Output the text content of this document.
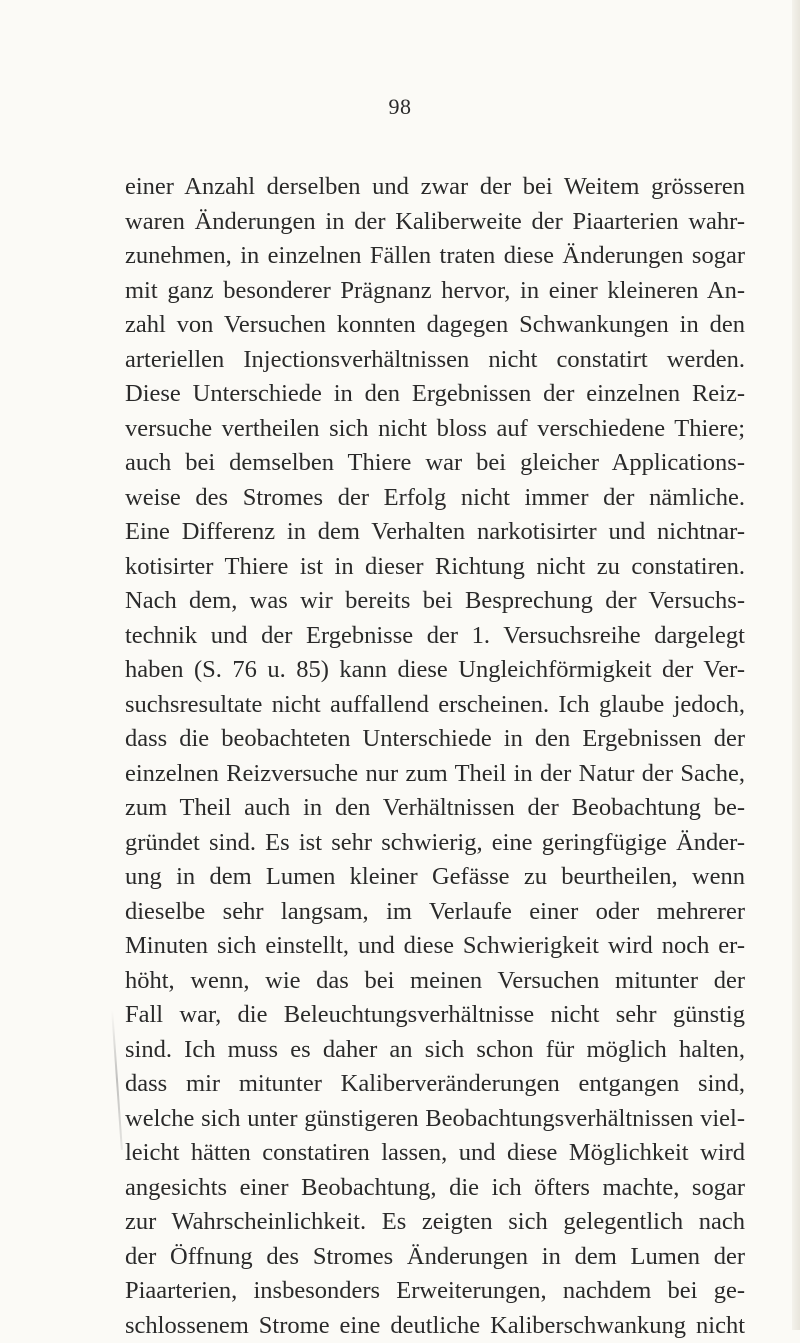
98
einer Anzahl derselben und zwar der bei Weitem grösseren
waren Änderungen in der Kaliberweite der Piaarterien wahr-
zunehmen, in einzelnen Fällen traten diese Änderungen sogar
mit ganz besonderer Prägnanz hervor, in einer kleineren An-
zahl von Versuchen konnten dagegen Schwankungen in den
arteriellen Injectionsverhältnissen nicht constatirt werden.
Diese Unterschiede in den Ergebnissen der einzelnen Reiz-
versuche vertheilen sich nicht bloss auf verschiedene Thiere;
auch bei demselben Thiere war bei gleicher Applications-
weise des Stromes der Erfolg nicht immer der nämliche.
Eine Differenz in dem Verhalten narkotisirter und nichtnar-
kotisirter Thiere ist in dieser Richtung nicht zu constatiren.
Nach dem, was wir bereits bei Besprechung der Versuchs-
technik und der Ergebnisse der 1. Versuchsreihe dargelegt
haben (S. 76 u. 85) kann diese Ungleichförmigkeit der Ver-
suchsresultate nicht auffallend erscheinen. Ich glaube jedoch,
dass die beobachteten Unterschiede in den Ergebnissen der
einzelnen Reizversuche nur zum Theil in der Natur der Sache,
zum Theil auch in den Verhältnissen der Beobachtung be-
gründet sind. Es ist sehr schwierig, eine geringfügige Änder-
ung in dem Lumen kleiner Gefässe zu beurtheilen, wenn
dieselbe sehr langsam, im Verlaufe einer oder mehrerer
Minuten sich einstellt, und diese Schwierigkeit wird noch er-
höht, wenn, wie das bei meinen Versuchen mitunter der
Fall war, die Beleuchtungsverhältnisse nicht sehr günstig
sind. Ich muss es daher an sich schon für möglich halten,
dass mir mitunter Kaliberveränderungen entgangen sind,
welche sich unter günstigeren Beobachtungsverhältnissen viel-
leicht hätten constatiren lassen, und diese Möglichkeit wird
angesichts einer Beobachtung, die ich öfters machte, sogar
zur Wahrscheinlichkeit. Es zeigten sich gelegentlich nach
der Öffnung des Stromes Änderungen in dem Lumen der
Piaarterien, insbesonders Erweiterungen, nachdem bei ge-
schlossenem Strome eine deutliche Kaliberschwankung nicht
